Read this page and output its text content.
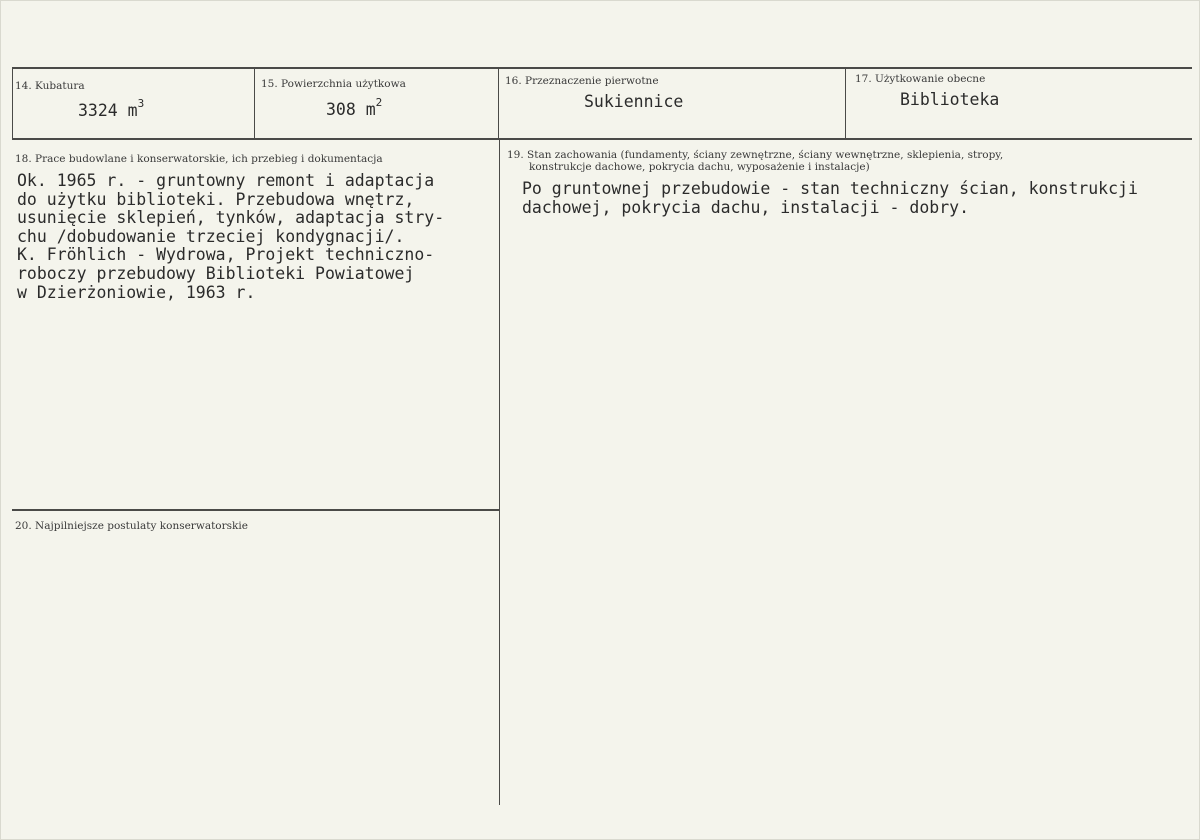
14. Kubatura
3324 $m^3$
15. Powierzchnia użytkowa
308 $m^2$
16. Przeznaczenie pierwotne
Sukiennice
17. Użytkowanie obecne
Biblioteka
18. Prace budowlane i konserwatorskie, ich przebieg i dokumentacja
Ok. 1965 r. - gruntowny remont i adaptacja
do użytku biblioteki. Przebudowa wnętrz,
usunięcie sklepień, tynków, adaptacja stry-
chu /dobudowanie trzeciej kondygnacji/.
K. Fröhlich - Wydrowa, Projekt techniczno-
roboczy przebudowy Biblioteki Powiatowej
w Dzierżoniowie, 1963 r.
19. Stan zachowania (fundamenty, ściany zewnętrzne, ściany wewnętrzne, sklepienia, stropy,
konstrukcje dachowe, pokrycia dachu, wyposażenie i instalacje)
Po gruntownej przebudowie - stan techniczny ścian, konstrukcji
dachowej, pokrycia dachu, instalacji - dobry.
20. Najpilniejsze postulaty konserwatorskie
